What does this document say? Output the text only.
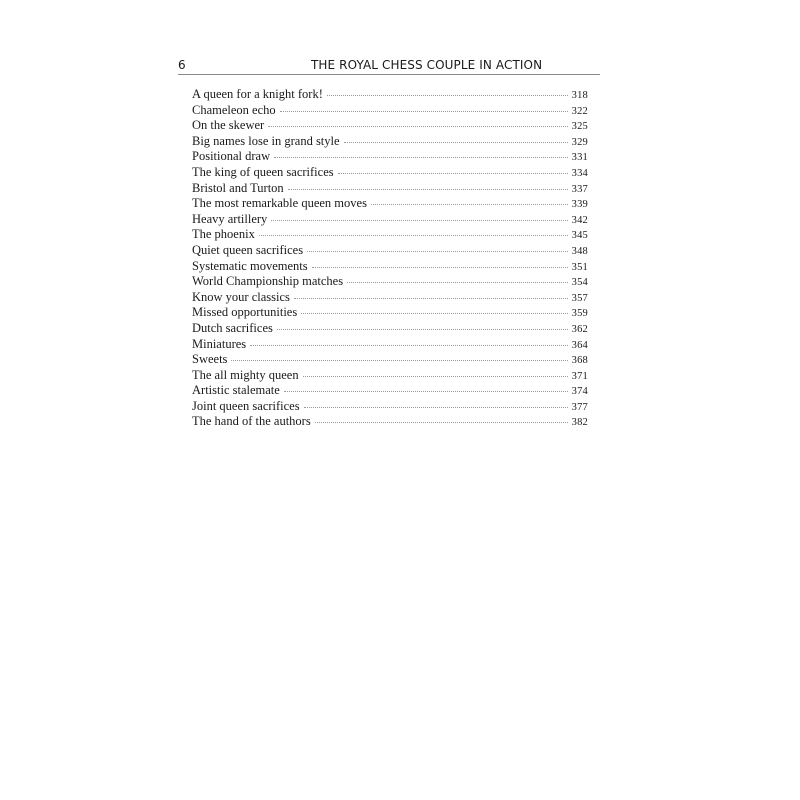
6	THE ROYAL CHESS COUPLE IN ACTION
A queen for a knight fork!	318
Chameleon echo	322
On the skewer	325
Big names lose in grand style	329
Positional draw	331
The king of queen sacrifices	334
Bristol and Turton	337
The most remarkable queen moves	339
Heavy artillery	342
The phoenix	345
Quiet queen sacrifices	348
Systematic movements	351
World Championship matches	354
Know your classics	357
Missed opportunities	359
Dutch sacrifices	362
Miniatures	364
Sweets	368
The all mighty queen	371
Artistic stalemate	374
Joint queen sacrifices	377
The hand of the authors	382
